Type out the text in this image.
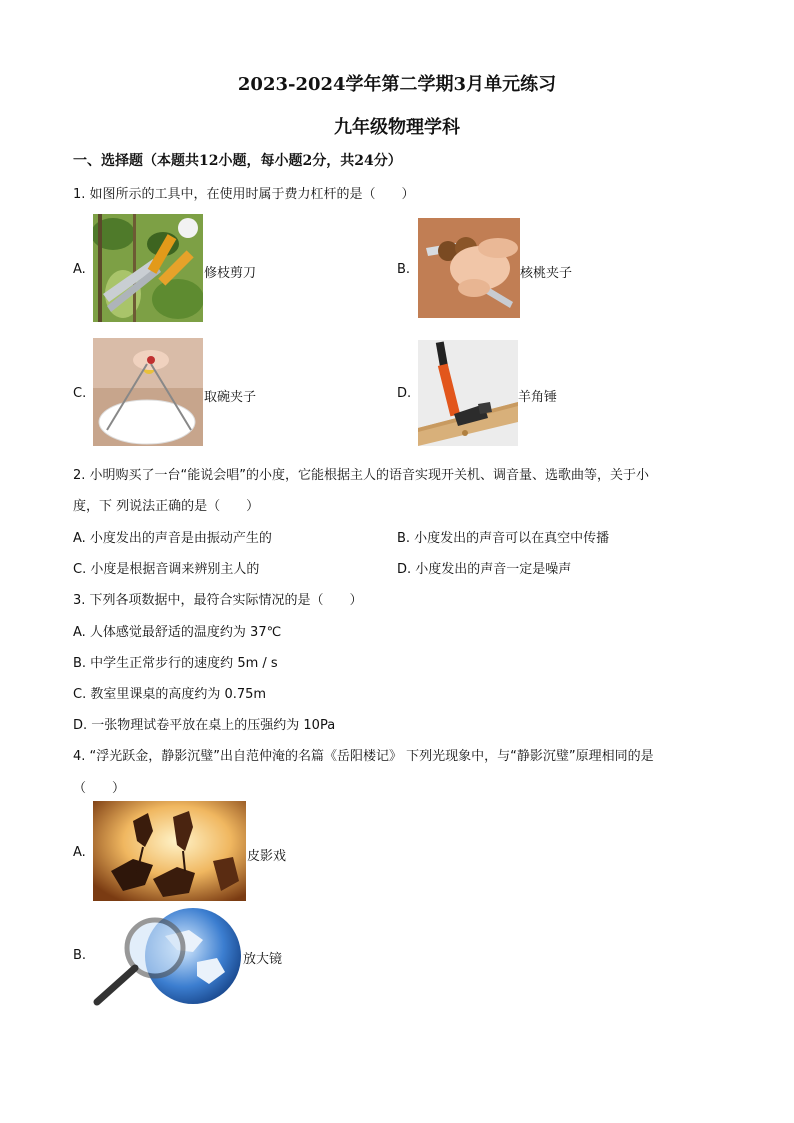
2023-2024学年第二学期3月单元练习
九年级物理学科
一、选择题（本题共12小题，每小题2分，共24分）
1. 如图所示的工具中，在使用时属于费力杠杆的是（　　）
A.	修枝剪刀	B.	核桃夹子
C.	取碗夹子	D.	羊角锤
2. 小明购买了一台“能说会唱”的小度，它能根据主人的语音实现开关机、调音量、选歌曲等，关于小
度，下 列说法正确的是（　　）
A. 小度发出的声音是由振动产生的	B. 小度发出的声音可以在真空中传播
C. 小度是根据音调来辨别主人的	D. 小度发出的声音一定是噪声
3. 下列各项数据中，最符合实际情况的是（　　）
A. 人体感觉最舒适的温度约为 37℃
B. 中学生正常步行的速度约 5m / s
C. 教室里课桌的高度约为 0.75m
D. 一张物理试卷平放在桌上的压强约为 10Pa
4. “浮光跃金，静影沉璧”出自范仲淹的名篇《岳阳楼记》 下列光现象中，与“静影沉璧”原理相同的是
（　　）
A.	皮影戏
B.	放大镜
